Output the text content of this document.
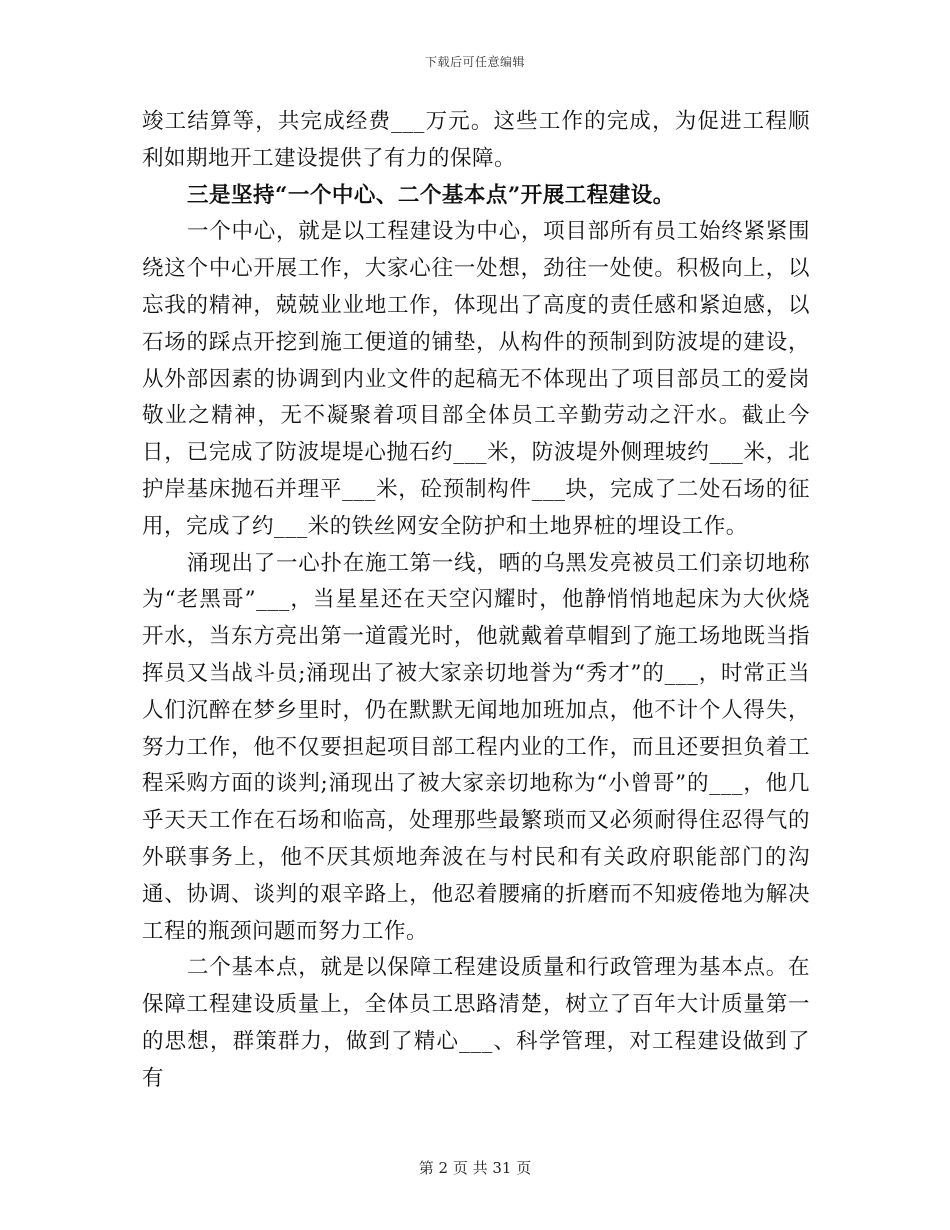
下载后可任意编辑

竣工结算等，共完成经费___万元。这些工作的完成，为促进工程顺利如期地开工建设提供了有力的保障。

三是坚持“一个中心、二个基本点”开展工程建设。

一个中心，就是以工程建设为中心，项目部所有员工始终紧紧围绕这个中心开展工作，大家心往一处想，劲往一处使。积极向上，以忘我的精神，兢兢业业地工作，体现出了高度的责任感和紧迫感，以石场的踩点开挖到施工便道的铺垫，从构件的预制到防波堤的建设，从外部因素的协调到内业文件的起稿无不体现出了项目部员工的爱岗敬业之精神，无不凝聚着项目部全体员工辛勤劳动之汗水。截止今日，已完成了防波堤堤心抛石约___米，防波堤外侧理坡约___米，北护岸基床抛石并理平___米，砼预制构件___块，完成了二处石场的征用，完成了约___米的铁丝网安全防护和土地界桩的埋设工作。

涌现出了一心扑在施工第一线，晒的乌黑发亮被员工们亲切地称为“老黑哥”___，当星星还在天空闪耀时，他静悄悄地起床为大伙烧开水，当东方亮出第一道霞光时，他就戴着草帽到了施工场地既当指挥员又当战斗员;涌现出了被大家亲切地誉为“秀才”的___，时常正当人们沉醉在梦乡里时，仍在默默无闻地加班加点，他不计个人得失，努力工作，他不仅要担起项目部工程内业的工作，而且还要担负着工程采购方面的谈判;涌现出了被大家亲切地称为“小曾哥”的___，他几乎天天工作在石场和临高，处理那些最繁琐而又必须耐得住忍得气的外联事务上，他不厌其烦地奔波在与村民和有关政府职能部门的沟通、协调、谈判的艰辛路上，他忍着腰痛的折磨而不知疲倦地为解决工程的瓶颈问题而努力工作。

二个基本点，就是以保障工程建设质量和行政管理为基本点。在保障工程建设质量上，全体员工思路清楚，树立了百年大计质量第一的思想，群策群力，做到了精心___、科学管理，对工程建设做到了有

第 2 页 共 31 页
